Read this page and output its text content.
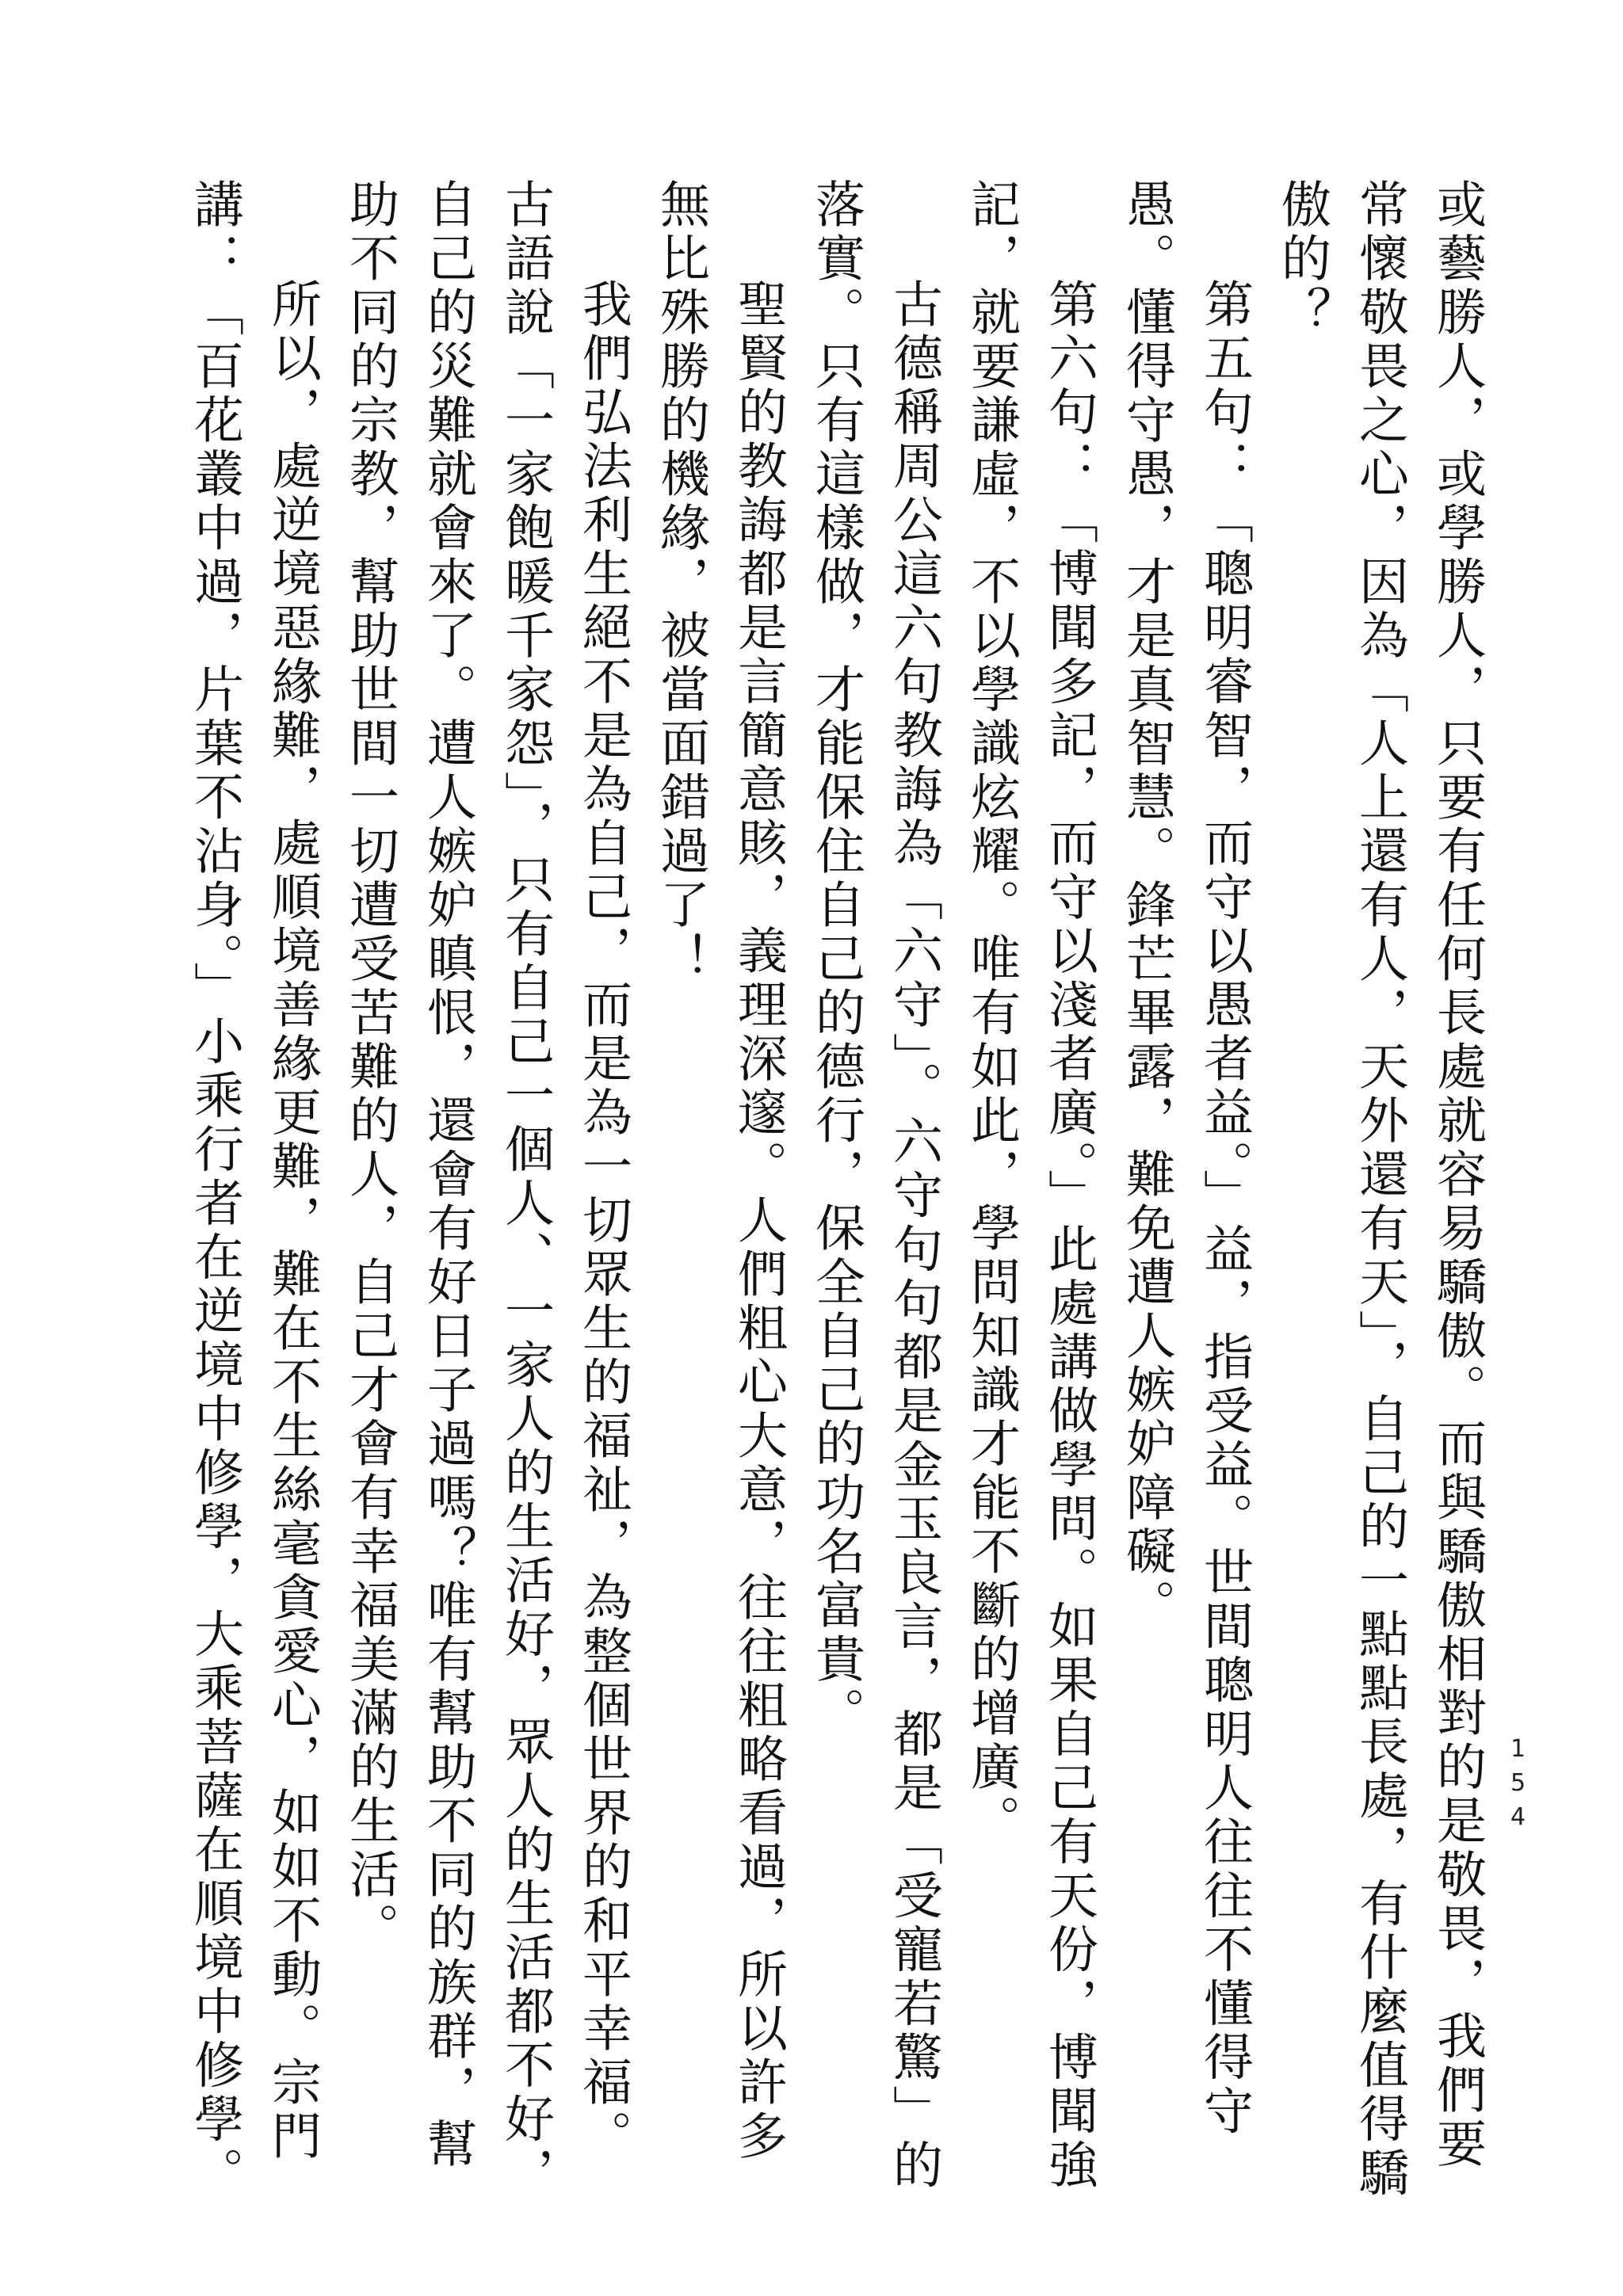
154

或藝勝人，或學勝人，只要有任何長處就容易驕傲。而與驕傲相對的是敬畏，我們要常懷敬畏之心，因為「人上還有人，天外還有天」，自己的一點點長處，有什麼值得驕傲的？

第五句：「聰明睿智，而守以愚者益。」益，指受益。世間聰明人往往不懂得守愚。懂得守愚，才是真智慧。鋒芒畢露，難免遭人嫉妒障礙。

第六句：「博聞多記，而守以淺者廣。」此處講做學問。如果自己有天份，博聞強記，就要謙虛，不以學識炫耀。唯有如此，學問知識才能不斷的增廣。

古德稱周公這六句教誨為「六守」。六守句句都是金玉良言，都是「受寵若驚」的落實。只有這樣做，才能保住自己的德行，保全自己的功名富貴。

聖賢的教誨都是言簡意賅，義理深邃。人們粗心大意，往往粗略看過，所以許多無比殊勝的機緣，被當面錯過了！

我們弘法利生絕不是為自己，而是為一切眾生的福祉，為整個世界的和平幸福。古語說「一家飽暖千家怨」，只有自己一個人、一家人的生活好，眾人的生活都不好，自己的災難就會來了。遭人嫉妒瞋恨，還會有好日子過嗎？唯有幫助不同的族群，幫助不同的宗教，幫助世間一切遭受苦難的人，自己才會有幸福美滿的生活。

所以，處逆境惡緣難，處順境善緣更難，難在不生絲毫貪愛心，如如不動。宗門講：「百花叢中過，片葉不沾身。」小乘行者在逆境中修學，大乘菩薩在順境中修學。
